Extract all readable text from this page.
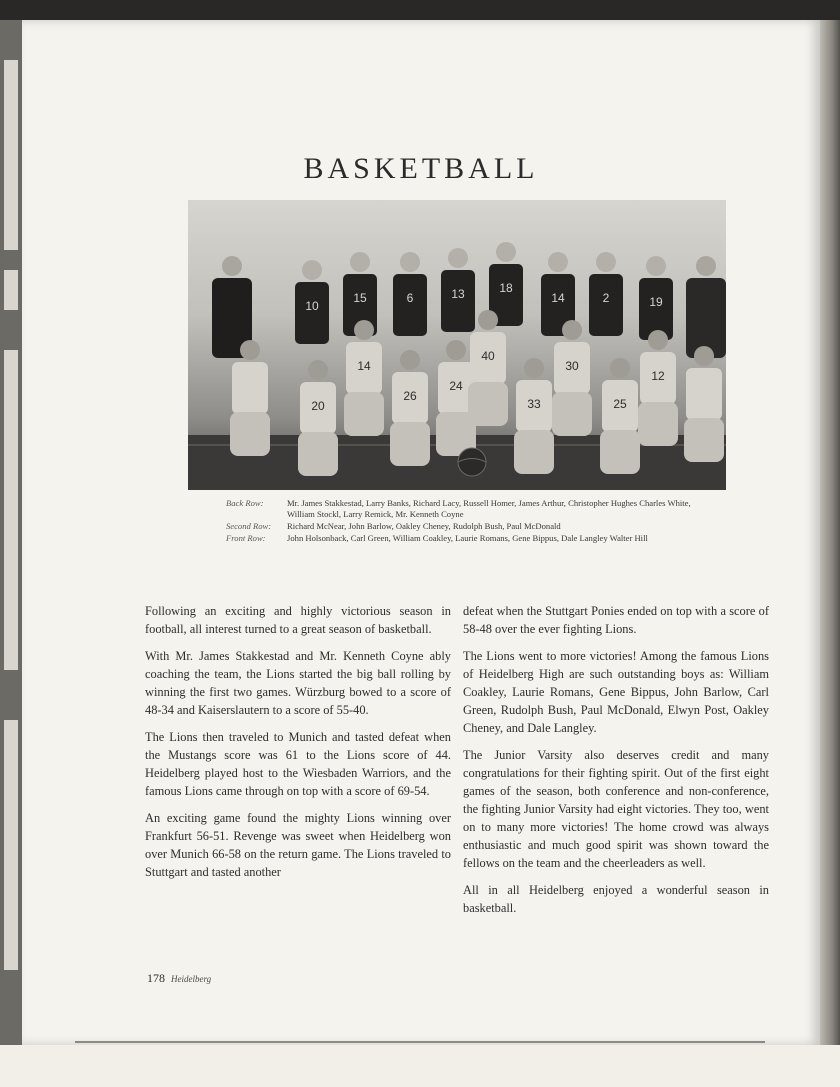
BASKETBALL
10
15	6	13	18
14	2	19
20
14
26
24
40
33
30
25
12
Back Row:	Mr. James Stakkestad, Larry Banks, Richard Lacy, Russell Homer, James Arthur, Christopher Hughes Charles White, William Stockl, Larry Remick, Mr. Kenneth Coyne
Second Row:	Richard McNear, John Barlow, Oakley Cheney, Rudolph Bush, Paul McDonald
Front Row:	John Holsonback, Carl Green, William Coakley, Laurie Romans, Gene Bippus, Dale Langley Walter Hill

Following an exciting and highly victorious season in football, all interest turned to a great season of basketball.

With Mr. James Stakkestad and Mr. Kenneth Coyne ably coaching the team, the Lions started the big ball rolling by winning the first two games. Würzburg bowed to a score of 48-34 and Kaiserslautern to a score of 55-40.

The Lions then traveled to Munich and tasted defeat when the Mustangs score was 61 to the Lions score of 44. Heidelberg played host to the Wiesbaden Warriors, and the famous Lions came through on top with a score of 69-54.

An exciting game found the mighty Lions winning over Frankfurt 56-51. Revenge was sweet when Heidelberg won over Munich 66-58 on the return game. The Lions traveled to Stuttgart and tasted another

defeat when the Stuttgart Ponies ended on top with a score of 58-48 over the ever fighting Lions.

The Lions went to more victories! Among the famous Lions of Heidelberg High are such outstanding boys as: William Coakley, Laurie Romans, Gene Bippus, John Barlow, Carl Green, Rudolph Bush, Paul McDonald, Elwyn Post, Oakley Cheney, and Dale Langley.

The Junior Varsity also deserves credit and many congratulations for their fighting spirit. Out of the first eight games of the season, both conference and non-conference, the fighting Junior Varsity had eight victories. They too, went on to many more victories! The home crowd was always enthusiastic and much good spirit was shown toward the fellows on the team and the cheerleaders as well.

All in all Heidelberg enjoyed a wonderful season in basketball.

178 Heidelberg
